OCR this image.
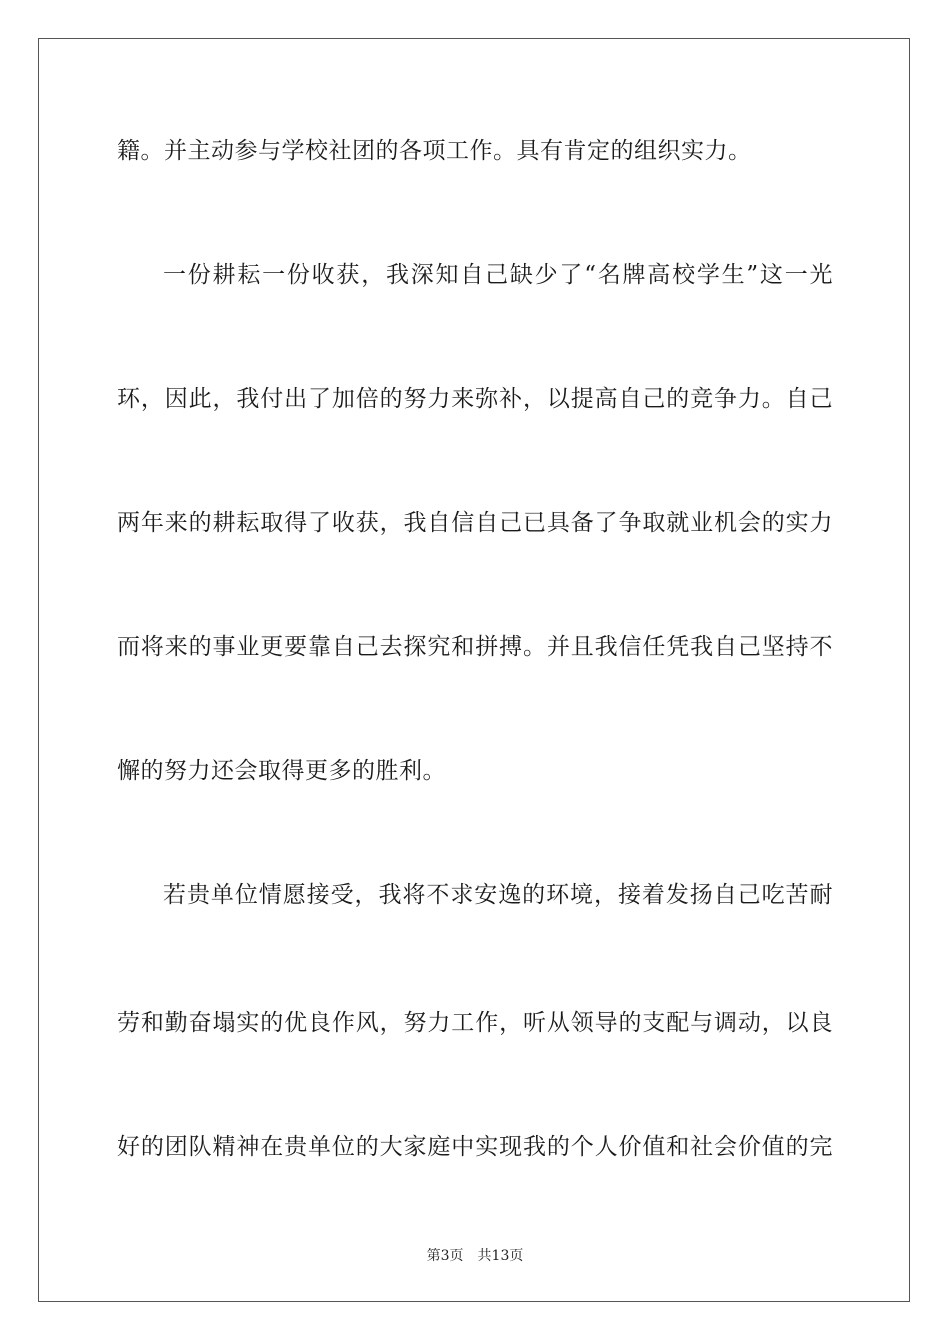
籍。并主动参与学校社团的各项工作。具有肯定的组织实力。
一份耕耘一份收获，我深知自己缺少了“名牌高校学生”这一光
环，因此，我付出了加倍的努力来弥补，以提高自己的竞争力。自己
两年来的耕耘取得了收获，我自信自己已具备了争取就业机会的实力
而将来的事业更要靠自己去探究和拼搏。并且我信任凭我自己坚持不
懈的努力还会取得更多的胜利。
若贵单位情愿接受，我将不求安逸的环境，接着发扬自己吃苦耐
劳和勤奋塌实的优良作风，努力工作，听从领导的支配与调动，以良
好的团队精神在贵单位的大家庭中实现我的个人价值和社会价值的完
第3页 共13页
